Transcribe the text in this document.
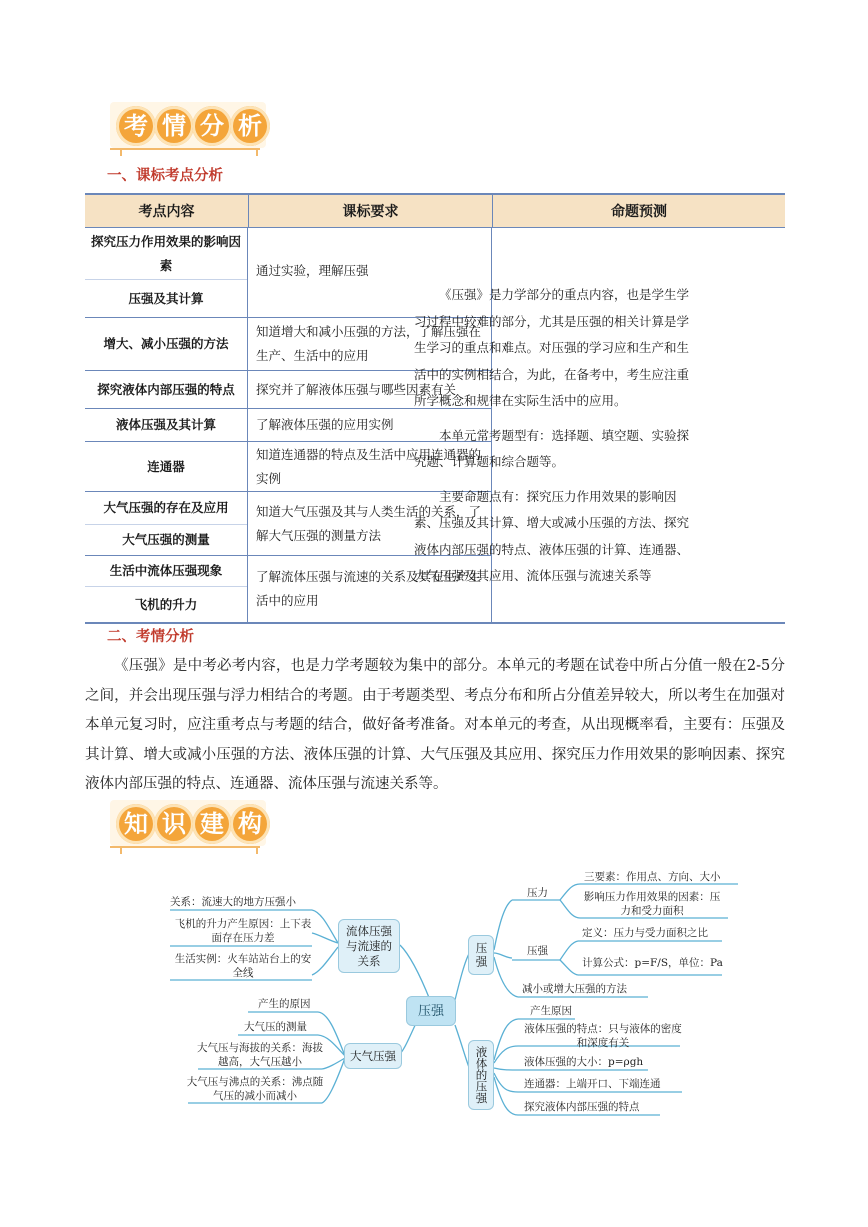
考 情 分 析
一、课标考点分析
考点内容	课标要求	命题预测
探究压力作用效果的影响因素
压强及其计算
增大、减小压强的方法
探究液体内部压强的特点
液体压强及其计算
连通器
大气压强的存在及应用
大气压强的测量
生活中流体压强现象
飞机的升力
通过实验，理解压强
知道增大和减小压强的方法，了解压强在生产、生活中的应用
探究并了解液体压强与哪些因素有关
了解液体压强的应用实例
知道连通器的特点及生活中应用连通器的实例
知道大气压强及其与人类生活的关系，了解大气压强的测量方法
了解流体压强与流速的关系及其在生产生活中的应用

《压强》是力学部分的重点内容，也是学生学习过程中较难的部分，尤其是压强的相关计算是学生学习的重点和难点。对压强的学习应和生产和生活中的实例相结合，为此，在备考中，考生应注重所学概念和规律在实际生活中的应用。

本单元常考题型有：选择题、填空题、实验探究题、计算题和综合题等。

主要命题点有：探究压力作用效果的影响因素、压强及其计算、增大或减小压强的方法、探究液体内部压强的特点、液体压强的计算、连通器、大气压强及其应用、流体压强与流速关系等

二、考情分析

《压强》是中考必考内容，也是力学考题较为集中的部分。本单元的考题在试卷中所占分值一般在2-5分之间，并会出现压强与浮力相结合的考题。由于考题类型、考点分布和所占分值差异较大，所以考生在加强对本单元复习时，应注重考点与考题的结合，做好备考准备。对本单元的考查，从出现概率看，主要有：压强及其计算、增大或减小压强的方法、液体压强的计算、大气压强及其应用、探究压力作用效果的影响因素、探究液体内部压强的特点、连通器、流体压强与流速关系等。

知 识 建 构
压强
流体压强与流速的关系
大气压强
压强
液体的压强
关系：流速大的地方压强小
飞机的升力产生原因：上下表面存在压力差
生活实例：火车站站台上的安全线
产生的原因
大气压的测量
大气压与海拔的关系：海拔越高，大气压越小
大气压与沸点的关系：沸点随气压的减小而减小
压力
三要素：作用点、方向、大小
影响压力作用效果的因素：压力和受力面积
压强
定义：压力与受力面积之比
计算公式：p=F/S，单位：Pa
减小或增大压强的方法
产生原因
液体压强的特点：只与液体的密度和深度有关
液体压强的大小：p=ρgh
连通器：上端开口、下端连通
探究液体内部压强的特点
